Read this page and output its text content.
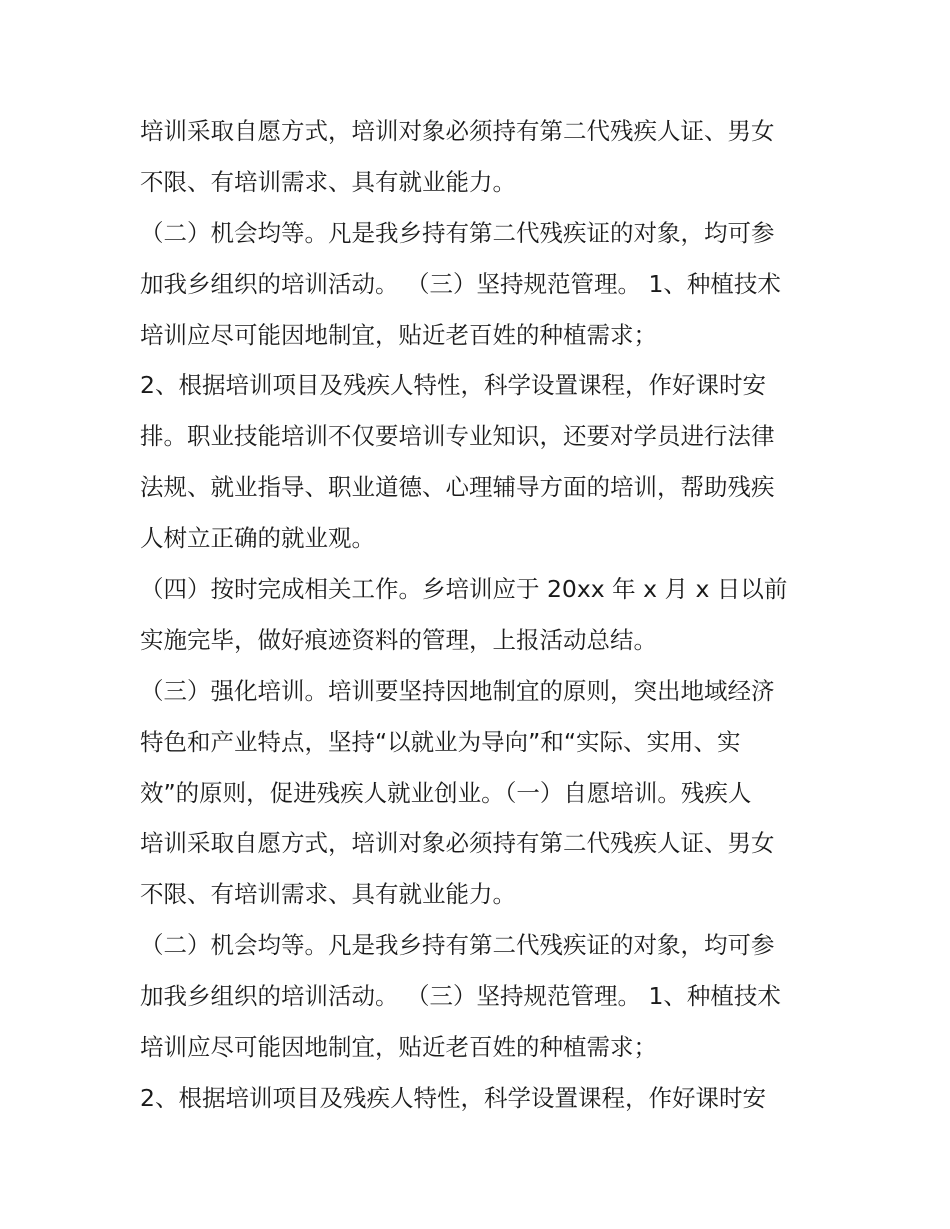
培训采取自愿方式，培训对象必须持有第二代残疾人证、男女
不限、有培训需求、具有就业能力。
（二）机会均等。凡是我乡持有第二代残疾证的对象，均可参
加我乡组织的培训活动。 （三）坚持规范管理。 1、种植技术
培训应尽可能因地制宜，贴近老百姓的种植需求；
2、根据培训项目及残疾人特性，科学设置课程，作好课时安
排。职业技能培训不仅要培训专业知识，还要对学员进行法律
法规、就业指导、职业道德、心理辅导方面的培训，帮助残疾
人树立正确的就业观。
（四）按时完成相关工作。乡培训应于 20xx 年 x 月 x 日以前
实施完毕，做好痕迹资料的管理，上报活动总结。
（三）强化培训。培训要坚持因地制宜的原则，突出地域经济
特色和产业特点，坚持“以就业为导向”和“实际、实用、实
效”的原则，促进残疾人就业创业。（一）自愿培训。残疾人
培训采取自愿方式，培训对象必须持有第二代残疾人证、男女
不限、有培训需求、具有就业能力。
（二）机会均等。凡是我乡持有第二代残疾证的对象，均可参
加我乡组织的培训活动。 （三）坚持规范管理。 1、种植技术
培训应尽可能因地制宜，贴近老百姓的种植需求；
2、根据培训项目及残疾人特性，科学设置课程，作好课时安
